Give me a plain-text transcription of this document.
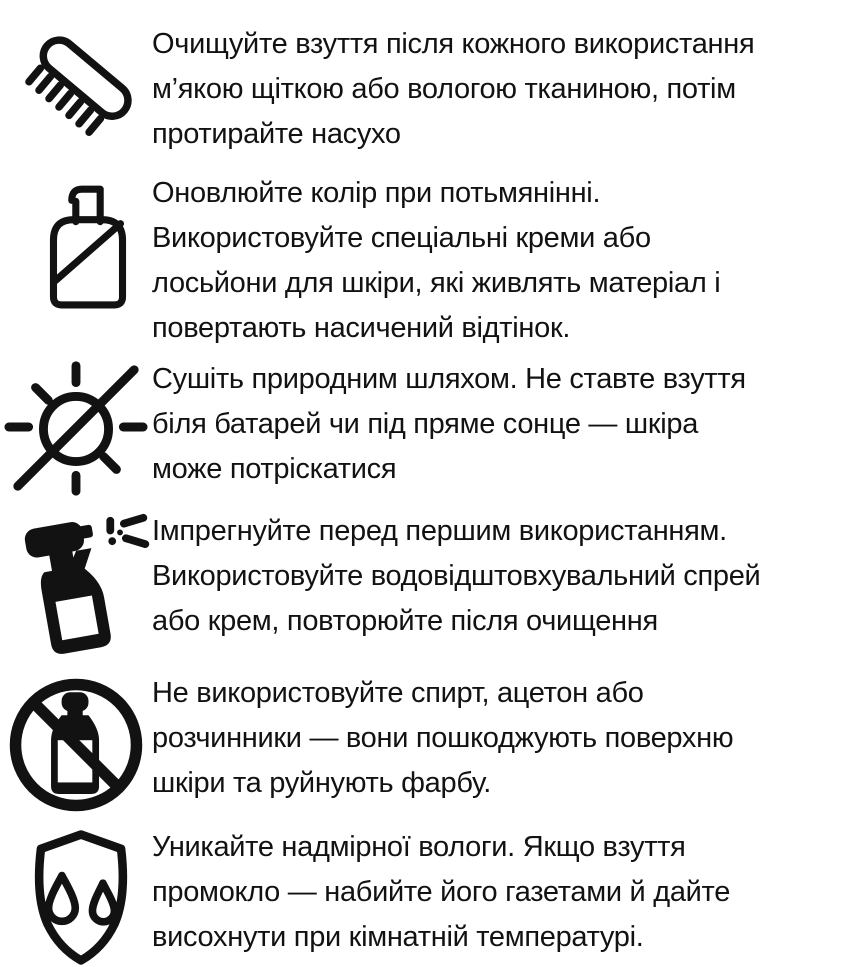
Очищуйте взуття після кожного використання
м’якою щіткою або вологою тканиною, потім
протирайте насухо
Оновлюйте колір при потьмянінні.
Використовуйте спеціальні креми або
лосьйони для шкіри, які живлять матеріал і
повертають насичений відтінок.
Сушіть природним шляхом. Не ставте взуття
біля батарей чи під пряме сонце — шкіра
може потріскатися
Імпрегнуйте перед першим використанням.
Використовуйте водовідштовхувальний спрей
або крем, повторюйте після очищення
Не використовуйте спирт, ацетон або
розчинники — вони пошкоджують поверхню
шкіри та руйнують фарбу.
Уникайте надмірної вологи. Якщо взуття
промокло — набийте його газетами й дайте
висохнути при кімнатній температурі.
